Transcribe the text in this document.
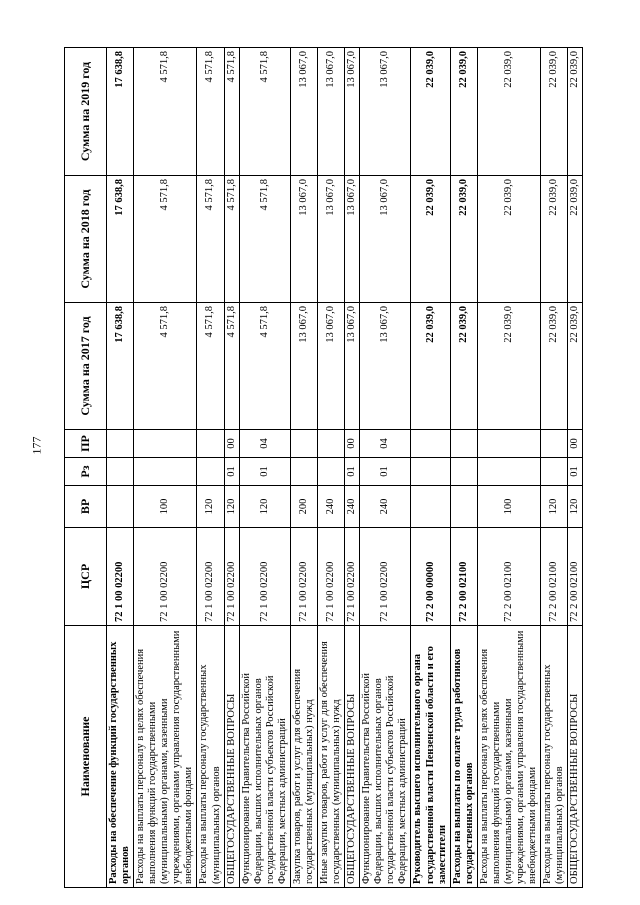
177
Наименование	ЦСР	ВР	Рз	ПР	Сумма на 2017 год	Сумма на 2018 год	Сумма на 2019 год
Расходы на обеспечение функций государственных органов	72 1 00 02200				17 638,8	17 638,8	17 638,8
Расходы на выплаты персоналу в целях обеспечения выполнения функций государственными (муниципальными) органами, казенными учреждениями, органами управления государственными внебюджетными фондами	72 1 00 02200	100			4 571,8	4 571,8	4 571,8
Расходы на выплаты персоналу государственных (муниципальных) органов	72 1 00 02200	120			4 571,8	4 571,8	4 571,8
ОБЩЕГОСУДАРСТВЕННЫЕ ВОПРОСЫ	72 1 00 02200	120	01	00	4 571,8	4 571,8	4 571,8
Функционирование Правительства Российской Федерации, высших исполнительных органов государственной власти субъектов Российской Федерации, местных администраций	72 1 00 02200	120	01	04	4 571,8	4 571,8	4 571,8
Закупка товаров, работ и услуг для обеспечения государственных (муниципальных) нужд	72 1 00 02200	200			13 067,0	13 067,0	13 067,0
Иные закупки товаров, работ и услуг для обеспечения государственных (муниципальных) нужд	72 1 00 02200	240			13 067,0	13 067,0	13 067,0
ОБЩЕГОСУДАРСТВЕННЫЕ ВОПРОСЫ	72 1 00 02200	240	01	00	13 067,0	13 067,0	13 067,0
Функционирование Правительства Российской Федерации, высших исполнительных органов государственной власти субъектов Российской Федерации, местных администраций	72 1 00 02200	240	01	04	13 067,0	13 067,0	13 067,0
Руководитель высшего исполнительного органа государственной власти Пензенской области и его заместители	72 2 00 00000				22 039,0	22 039,0	22 039,0
Расходы на выплаты по оплате труда работников государственных органов	72 2 00 02100				22 039,0	22 039,0	22 039,0
Расходы на выплаты персоналу в целях обеспечения выполнения функций государственными (муниципальными) органами, казенными учреждениями, органами управления государственными внебюджетными фондами	72 2 00 02100	100			22 039,0	22 039,0	22 039,0
Расходы на выплаты персоналу государственных (муниципальных) органов	72 2 00 02100	120			22 039,0	22 039,0	22 039,0
ОБЩЕГОСУДАРСТВЕННЫЕ ВОПРОСЫ	72 2 00 02100	120	01	00	22 039,0	22 039,0	22 039,0
